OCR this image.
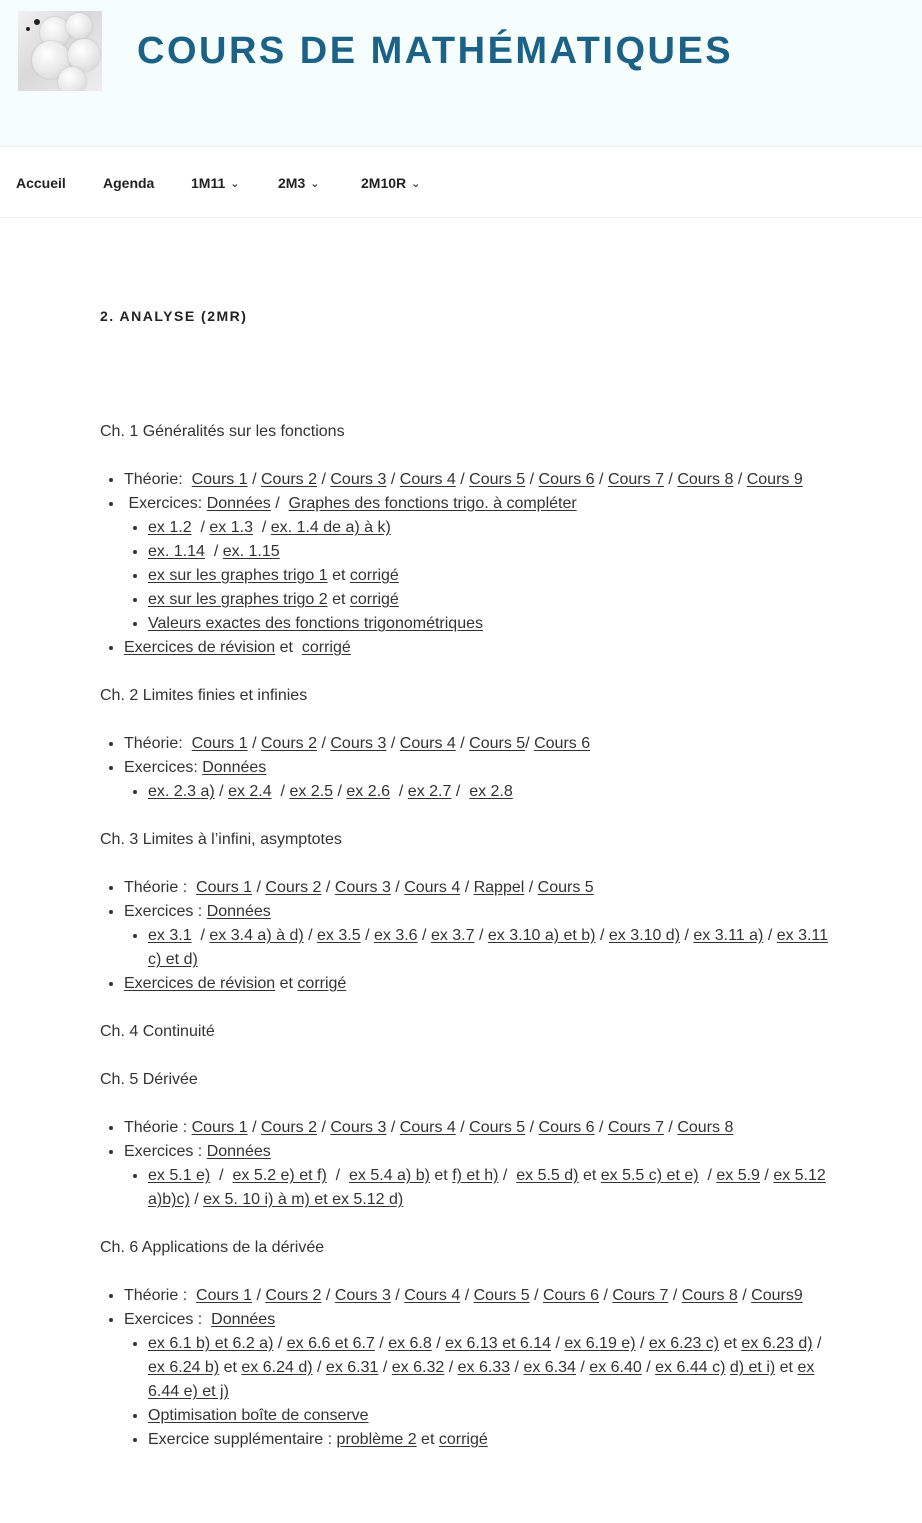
COURS DE MATHÉMATIQUES
Accueil	Agenda	1M11 ⌄	2M3 ⌄	2M10R ⌄
2. ANALYSE (2MR)

Ch. 1 Généralités sur les fonctions

• Théorie: Cours 1 / Cours 2 / Cours 3 / Cours 4 / Cours 5 / Cours 6 / Cours 7 / Cours 8 / Cours 9
• Exercices: Données / Graphes des fonctions trigo. à compléter
• ex 1.2 / ex 1.3 / ex. 1.4 de a) à k)
• ex. 1.14 / ex. 1.15
• ex sur les graphes trigo 1 et corrigé
• ex sur les graphes trigo 2 et corrigé
• Valeurs exactes des fonctions trigonométriques
• Exercices de révision et corrigé

Ch. 2 Limites finies et infinies

• Théorie: Cours 1 / Cours 2 / Cours 3 / Cours 4 / Cours 5/ Cours 6
• Exercices: Données
• ex. 2.3 a) / ex 2.4 / ex 2.5 / ex 2.6 / ex 2.7 / ex 2.8

Ch. 3 Limites à l’infini, asymptotes

• Théorie : Cours 1 / Cours 2 / Cours 3 / Cours 4 / Rappel / Cours 5
• Exercices : Données
• ex 3.1 / ex 3.4 a) à d) / ex 3.5 / ex 3.6 / ex 3.7 / ex 3.10 a) et b) / ex 3.10 d) / ex 3.11 a) / ex 3.11 c) et d)
• Exercices de révision et corrigé

Ch. 4 Continuité

Ch. 5 Dérivée

• Théorie : Cours 1 / Cours 2 / Cours 3 / Cours 4 / Cours 5 / Cours 6 / Cours 7 / Cours 8
• Exercices : Données
• ex 5.1 e) / ex 5.2 e) et f) / ex 5.4 a) b) et f) et h) / ex 5.5 d) et ex 5.5 c) et e) / ex 5.9 / ex 5.12 a)b)c) / ex 5. 10 i) à m) et ex 5.12 d)

Ch. 6 Applications de la dérivée

• Théorie : Cours 1 / Cours 2 / Cours 3 / Cours 4 / Cours 5 / Cours 6 / Cours 7 / Cours 8 / Cours9
• Exercices : Données
• ex 6.1 b) et 6.2 a) / ex 6.6 et 6.7 / ex 6.8 / ex 6.13 et 6.14 / ex 6.19 e) / ex 6.23 c) et ex 6.23 d) / ex 6.24 b) et ex 6.24 d) / ex 6.31 / ex 6.32 / ex 6.33 / ex 6.34 / ex 6.40 / ex 6.44 c) d) et i) et ex 6.44 e) et j)
• Optimisation boîte de conserve
• Exercice supplémentaire : problème 2 et corrigé
